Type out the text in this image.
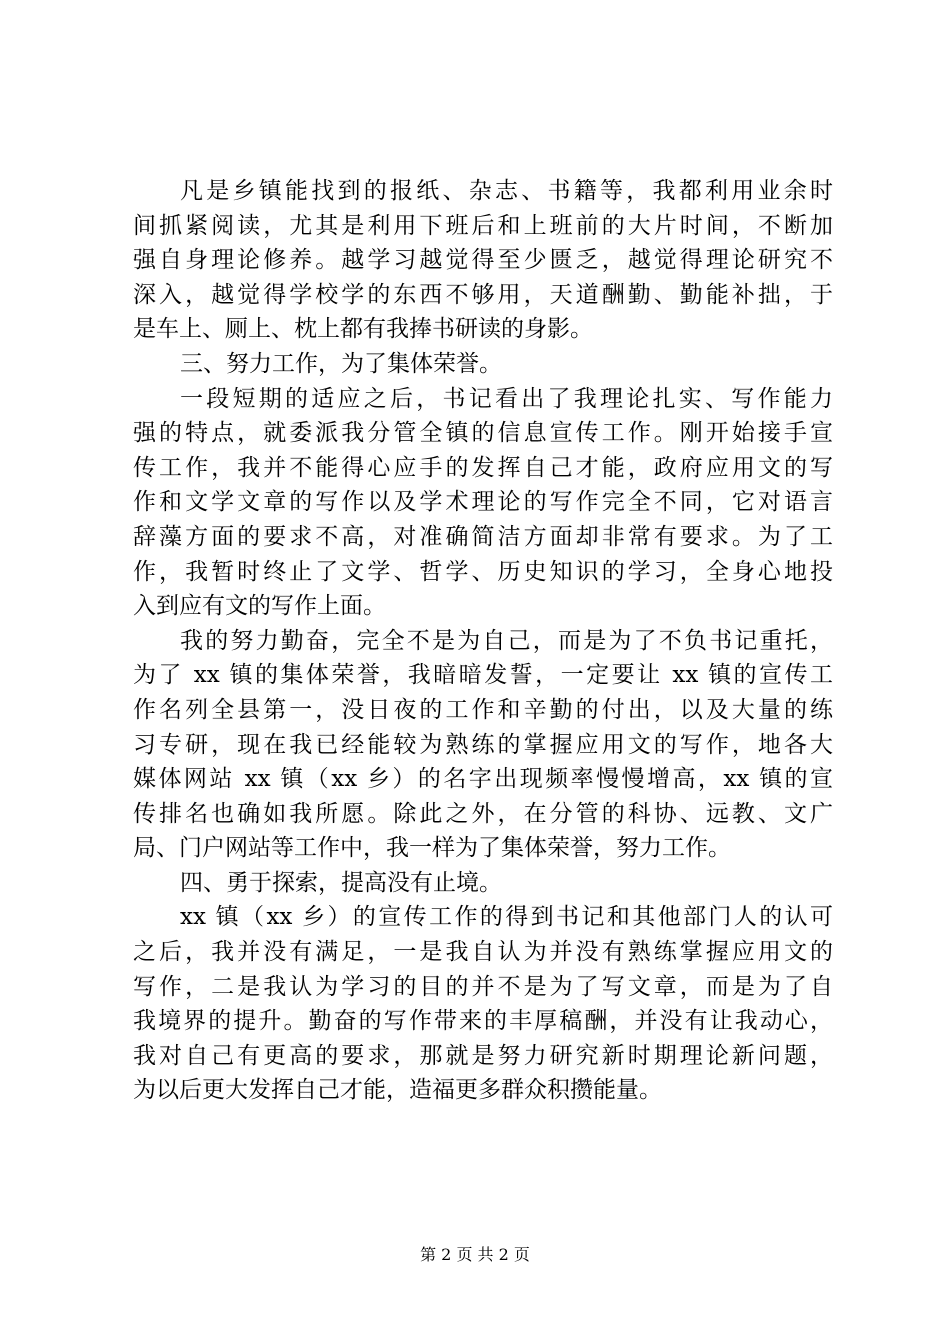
凡是乡镇能找到的报纸、杂志、书籍等，我都利用业余时
间抓紧阅读，尤其是利用下班后和上班前的大片时间，不断加
强自身理论修养。越学习越觉得至少匮乏，越觉得理论研究不
深入，越觉得学校学的东西不够用，天道酬勤、勤能补拙，于
是车上、厕上、枕上都有我捧书研读的身影。
三、努力工作，为了集体荣誉。
一段短期的适应之后，书记看出了我理论扎实、写作能力
强的特点，就委派我分管全镇的信息宣传工作。刚开始接手宣
传工作，我并不能得心应手的发挥自己才能，政府应用文的写
作和文学文章的写作以及学术理论的写作完全不同，它对语言
辞藻方面的要求不高，对准确简洁方面却非常有要求。为了工
作，我暂时终止了文学、哲学、历史知识的学习，全身心地投
入到应有文的写作上面。
我的努力勤奋，完全不是为自己，而是为了不负书记重托，
为了 xx 镇的集体荣誉，我暗暗发誓，一定要让 xx 镇的宣传工
作名列全县第一，没日夜的工作和辛勤的付出，以及大量的练
习专研，现在我已经能较为熟练的掌握应用文的写作，地各大
媒体网站 xx 镇（xx 乡）的名字出现频率慢慢增高，xx 镇的宣
传排名也确如我所愿。除此之外，在分管的科协、远教、文广
局、门户网站等工作中，我一样为了集体荣誉，努力工作。
四、勇于探索，提高没有止境。
xx 镇（xx 乡）的宣传工作的得到书记和其他部门人的认可
之后，我并没有满足，一是我自认为并没有熟练掌握应用文的
写作，二是我认为学习的目的并不是为了写文章，而是为了自
我境界的提升。勤奋的写作带来的丰厚稿酬，并没有让我动心，
我对自己有更高的要求，那就是努力研究新时期理论新问题，
为以后更大发挥自己才能，造福更多群众积攒能量。
第 2 页 共 2 页
